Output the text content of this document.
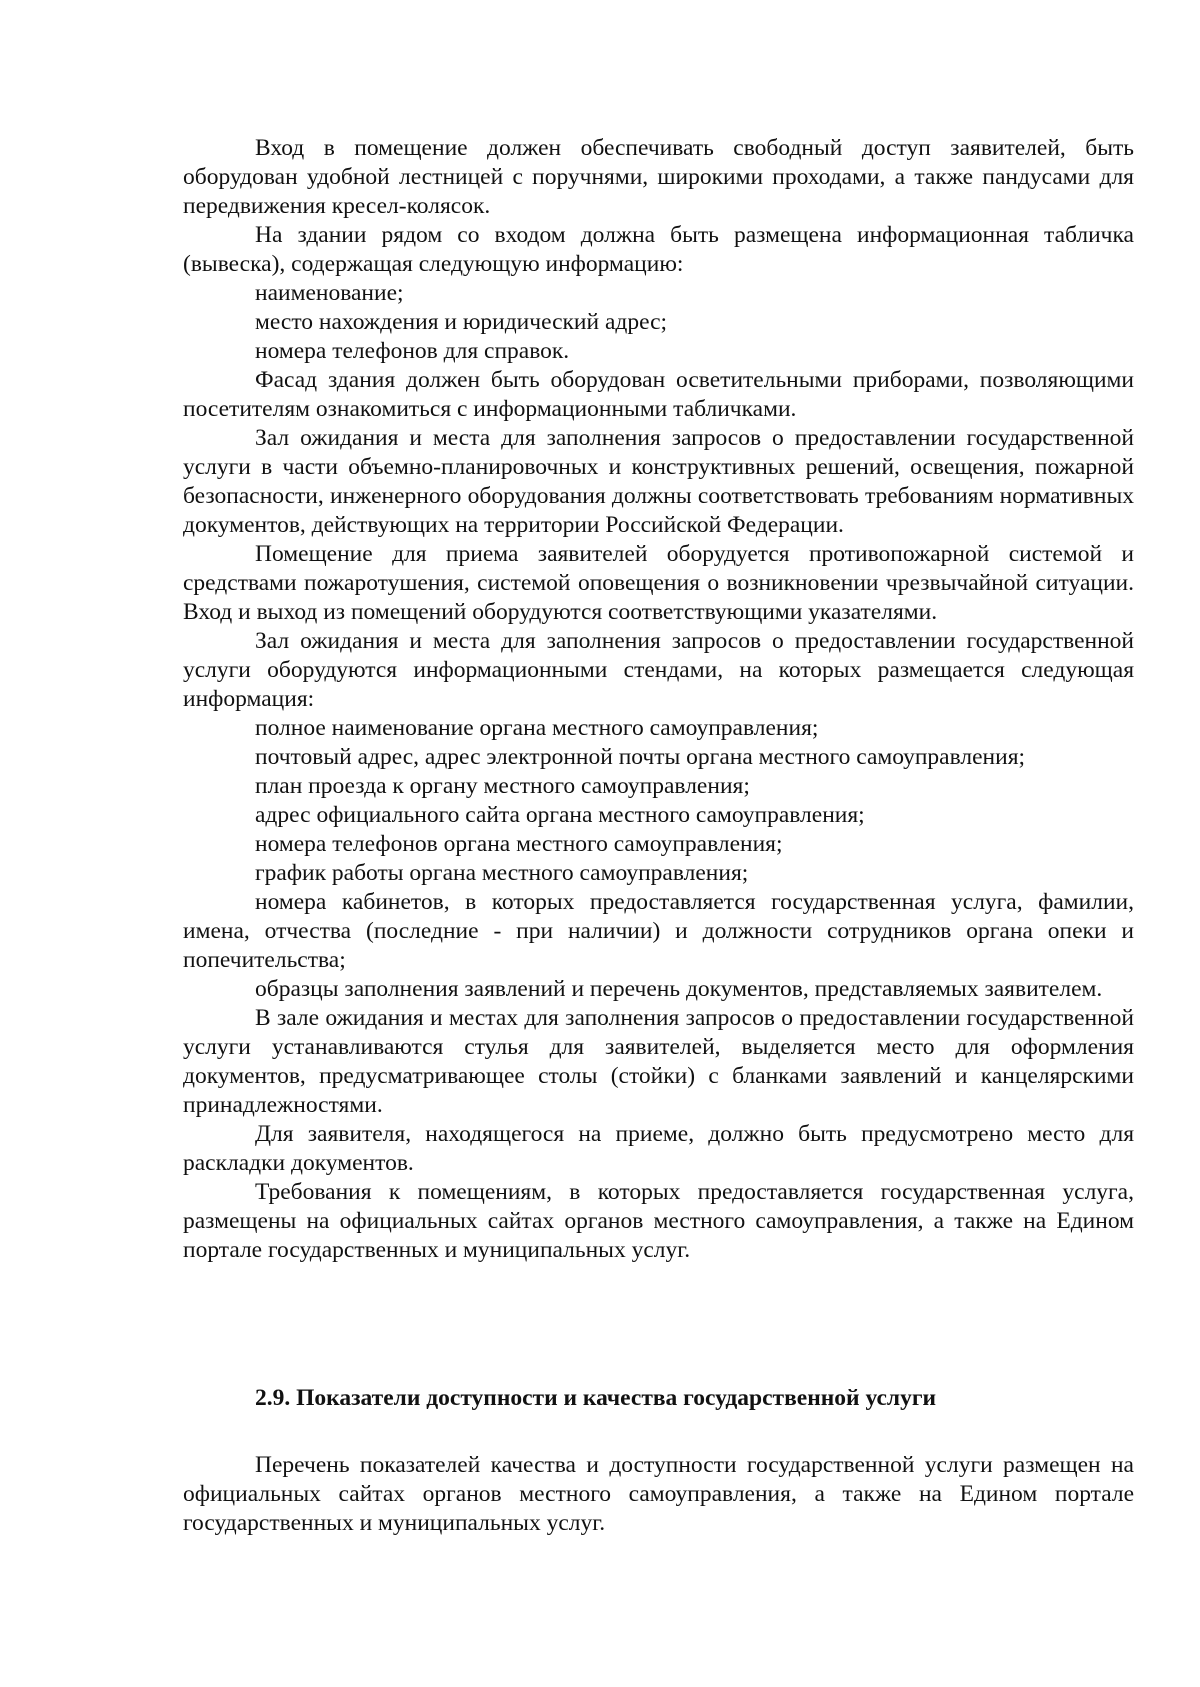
Вход в помещение должен обеспечивать свободный доступ заявителей, быть оборудован удобной лестницей с поручнями, широкими проходами, а также пандусами для передвижения кресел-колясок.

На здании рядом со входом должна быть размещена информационная табличка (вывеска), содержащая следующую информацию:

наименование;

место нахождения и юридический адрес;

номера телефонов для справок.

Фасад здания должен быть оборудован осветительными приборами, позволяющими посетителям ознакомиться с информационными табличками.

Зал ожидания и места для заполнения запросов о предоставлении государственной услуги в части объемно-планировочных и конструктивных решений, освещения, пожарной безопасности, инженерного оборудования должны соответствовать требованиям нормативных документов, действующих на территории Российской Федерации.

Помещение для приема заявителей оборудуется противопожарной системой и средствами пожаротушения, системой оповещения о возникновении чрезвычайной ситуации. Вход и выход из помещений оборудуются соответствующими указателями.

Зал ожидания и места для заполнения запросов о предоставлении государственной услуги оборудуются информационными стендами, на которых размещается следующая информация:

полное наименование органа местного самоуправления;

почтовый адрес, адрес электронной почты органа местного самоуправления;

план проезда к органу местного самоуправления;

адрес официального сайта органа местного самоуправления;

номера телефонов органа местного самоуправления;

график работы органа местного самоуправления;

номера кабинетов, в которых предоставляется государственная услуга, фамилии, имена, отчества (последние - при наличии) и должности сотрудников органа опеки и попечительства;

образцы заполнения заявлений и перечень документов, представляемых заявителем.

В зале ожидания и местах для заполнения запросов о предоставлении государственной услуги устанавливаются стулья для заявителей, выделяется место для оформления документов, предусматривающее столы (стойки) с бланками заявлений и канцелярскими принадлежностями.

Для заявителя, находящегося на приеме, должно быть предусмотрено место для раскладки документов.

Требования к помещениям, в которых предоставляется государственная услуга, размещены на официальных сайтах органов местного самоуправления, а также на Едином портале государственных и муниципальных услуг.

2.9. Показатели доступности и качества государственной услуги

Перечень показателей качества и доступности государственной услуги размещен на официальных сайтах органов местного самоуправления, а также на Едином портале государственных и муниципальных услуг.
